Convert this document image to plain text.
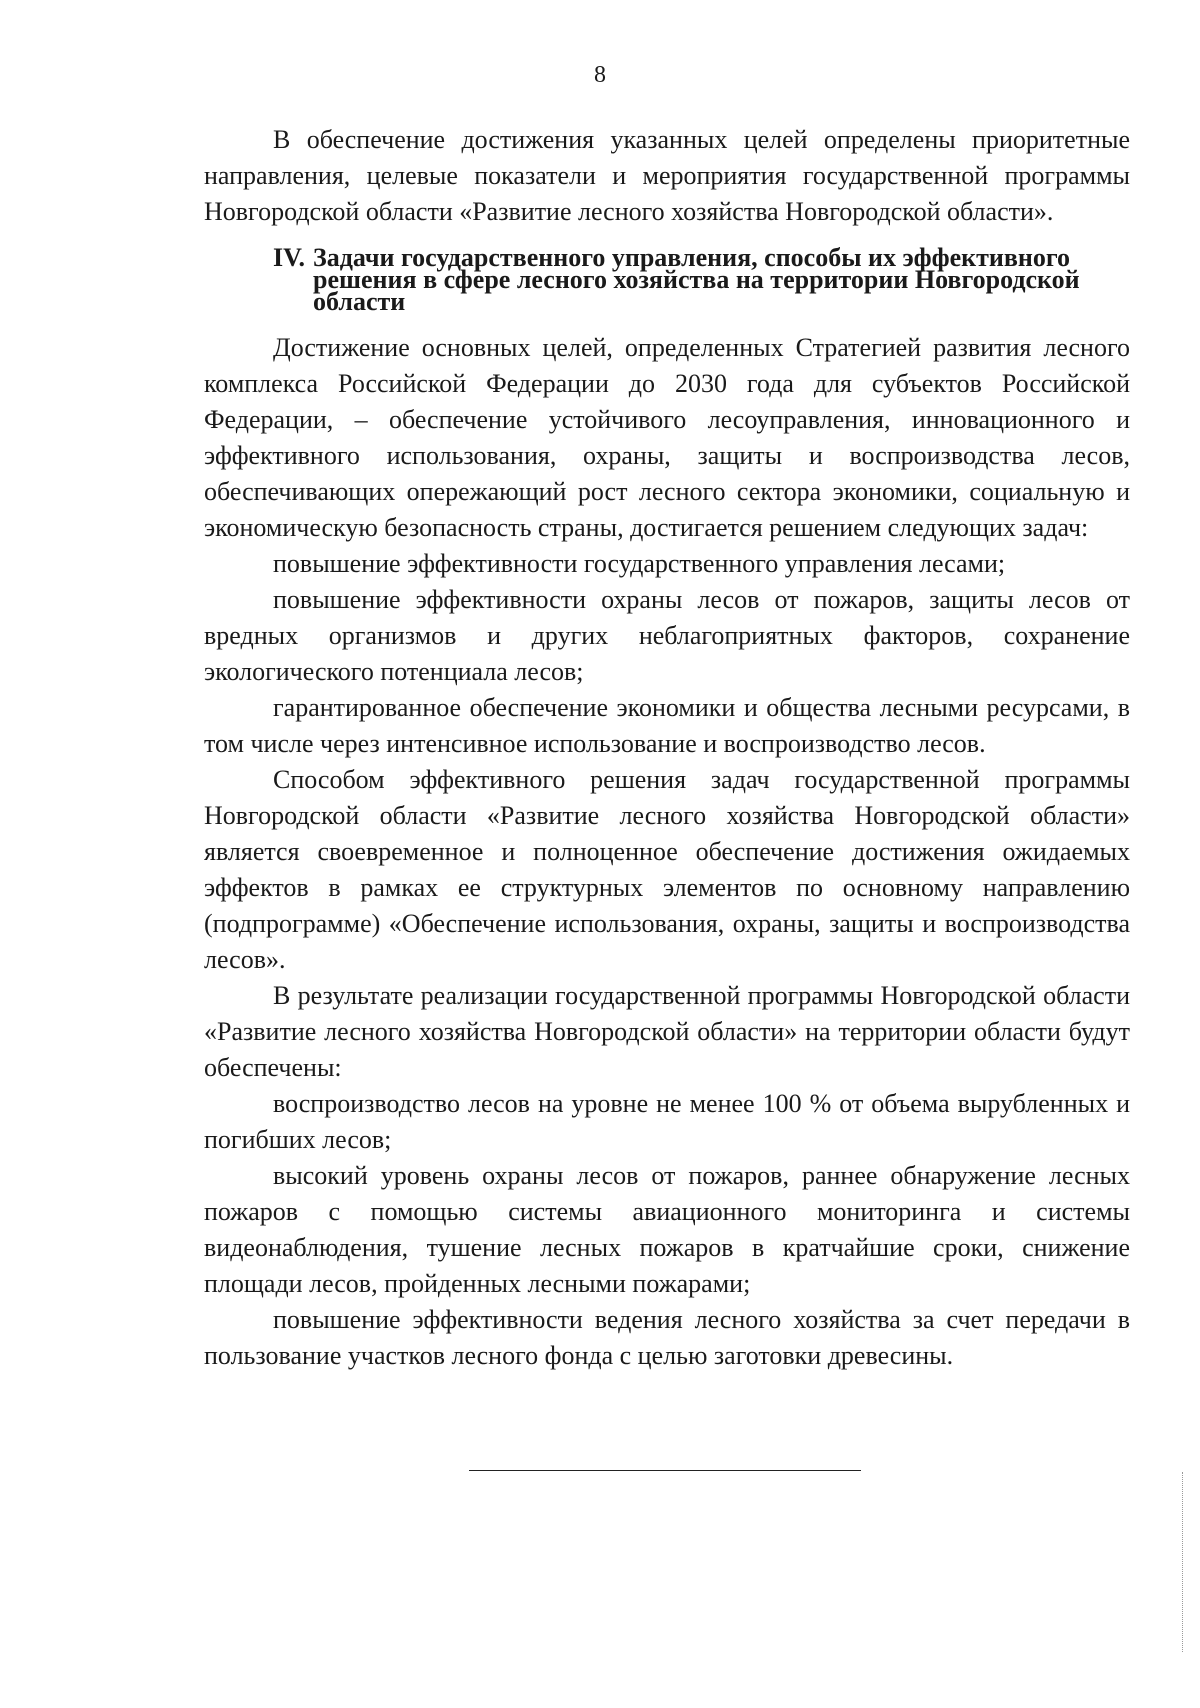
8

В обеспечение достижения указанных целей определены приоритетные направления, целевые показатели и мероприятия государственной программы Новгородской области «Развитие лесного хозяйства Новгородской области».

IV. Задачи государственного управления, способы их эффективного решения в сфере лесного хозяйства на территории Новгородской области

Достижение основных целей, определенных Стратегией развития лесного комплекса Российской Федерации до 2030 года для субъектов Российской Федерации, – обеспечение устойчивого лесоуправления, инновационного и эффективного использования, охраны, защиты и воспроизводства лесов, обеспечивающих опережающий рост лесного сектора экономики, социальную и экономическую безопасность страны, достигается решением следующих задач:

повышение эффективности государственного управления лесами;

повышение эффективности охраны лесов от пожаров, защиты лесов от вредных организмов и других неблагоприятных факторов, сохранение экологического потенциала лесов;

гарантированное обеспечение экономики и общества лесными ресурсами, в том числе через интенсивное использование и воспроизводство лесов.

Способом эффективного решения задач государственной программы Новгородской области «Развитие лесного хозяйства Новгородской области» является своевременное и полноценное обеспечение достижения ожидаемых эффектов в рамках ее структурных элементов по основному направлению (подпрограмме) «Обеспечение использования, охраны, защиты и воспроизводства лесов».

В результате реализации государственной программы Новгородской области «Развитие лесного хозяйства Новгородской области» на территории области будут обеспечены:

воспроизводство лесов на уровне не менее 100 % от объема вырубленных и погибших лесов;

высокий уровень охраны лесов от пожаров, раннее обнаружение лесных пожаров с помощью системы авиационного мониторинга и системы видеонаблюдения, тушение лесных пожаров в кратчайшие сроки, снижение площади лесов, пройденных лесными пожарами;

повышение эффективности ведения лесного хозяйства за счет передачи в пользование участков лесного фонда с целью заготовки древесины.
